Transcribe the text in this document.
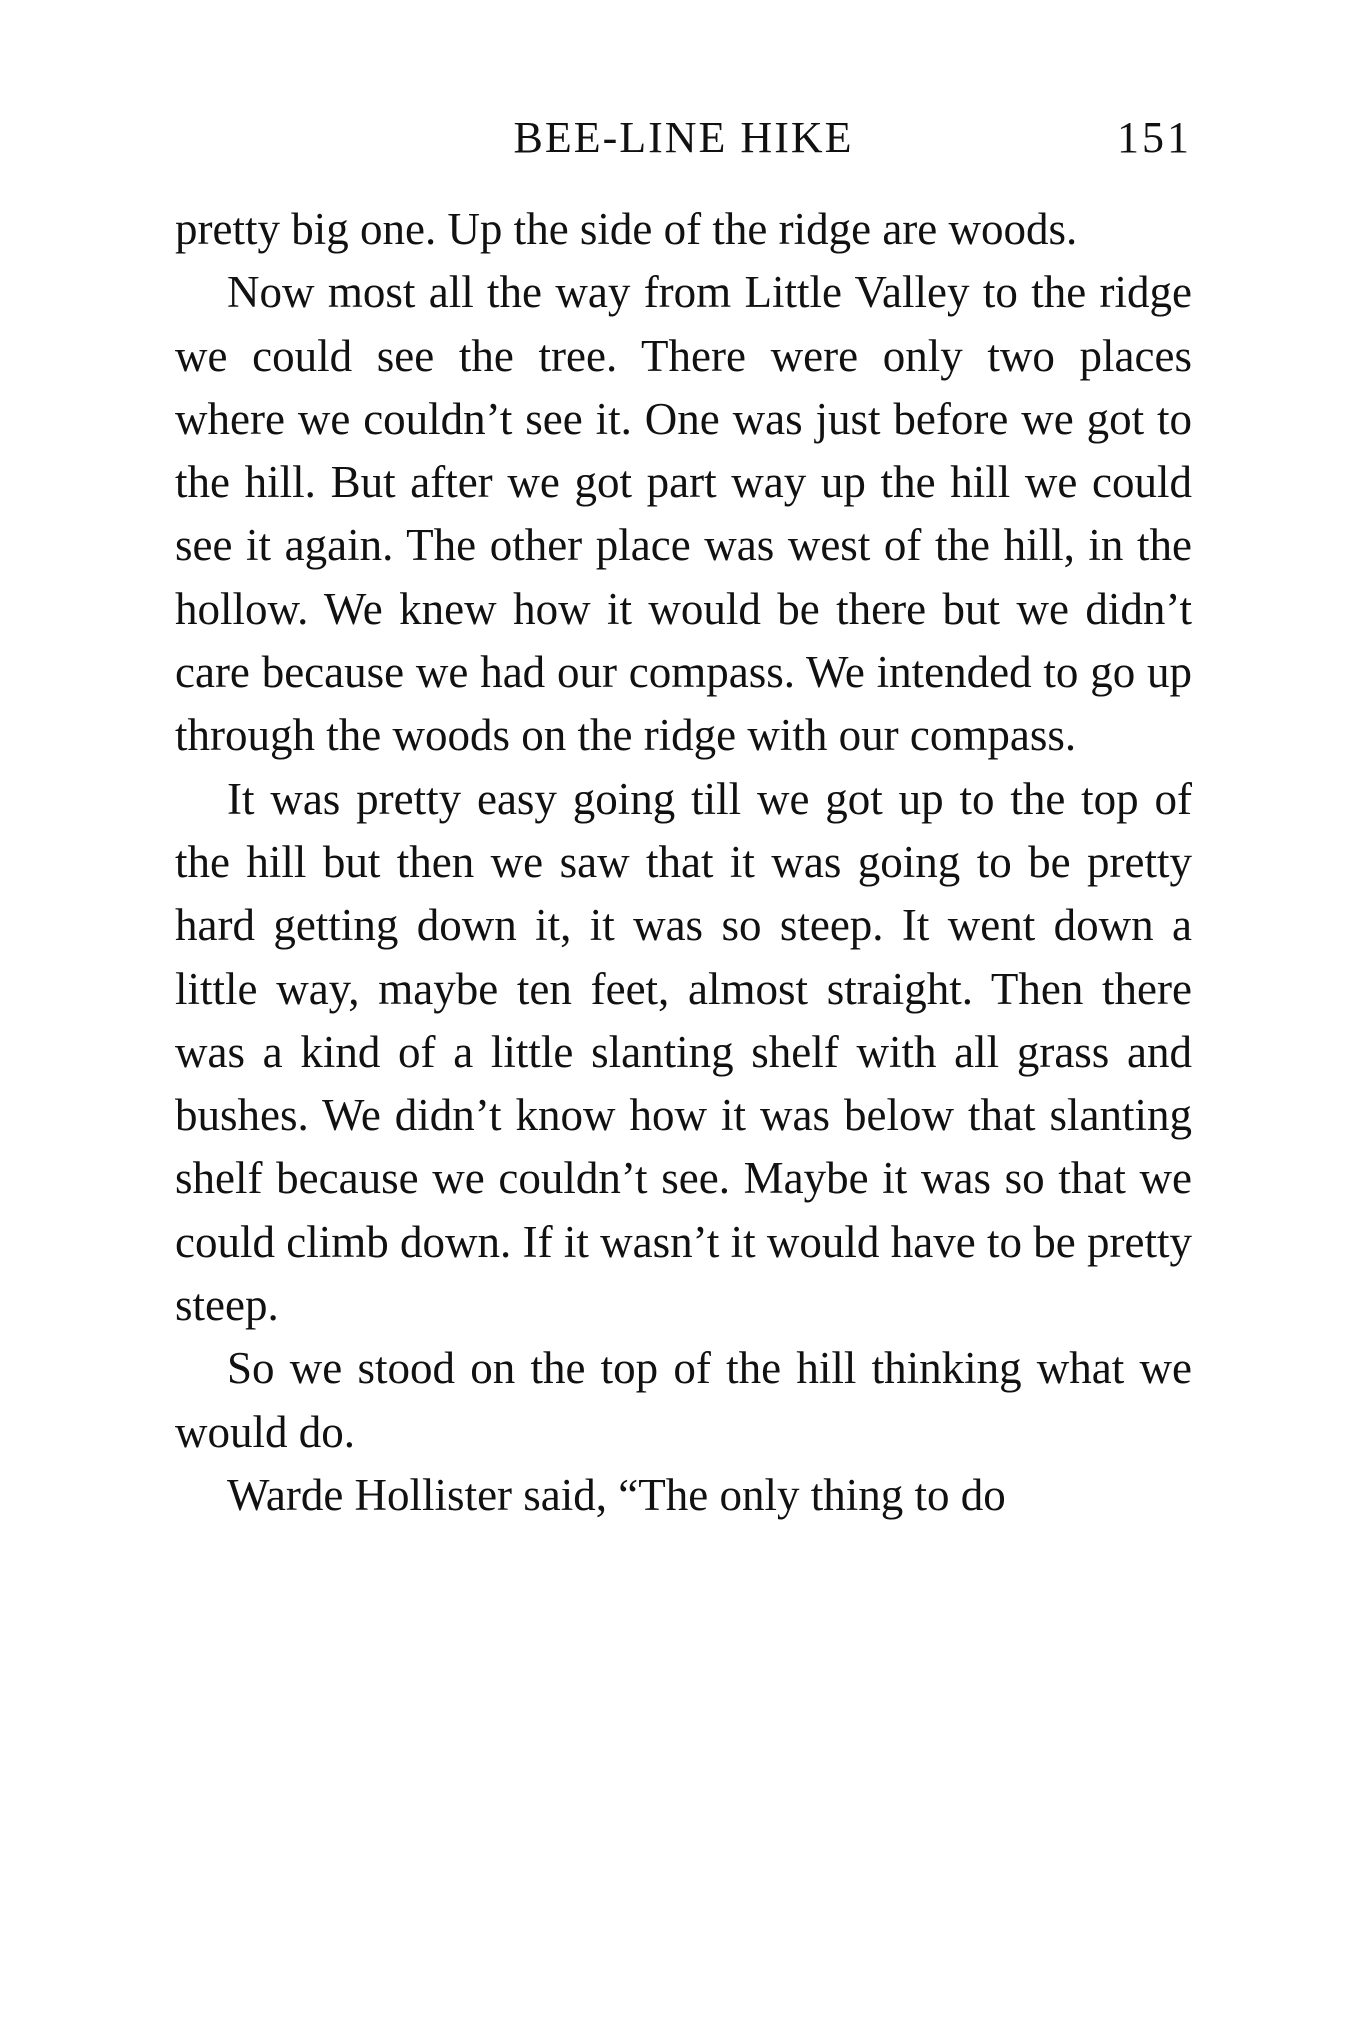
BEE-LINE HIKE	151

pretty big one. Up the side of the ridge are woods.

Now most all the way from Little Valley to the ridge we could see the tree. There were only two places where we couldn’t see it. One was just before we got to the hill. But after we got part way up the hill we could see it again. The other place was west of the hill, in the hollow. We knew how it would be there but we didn’t care because we had our compass. We intended to go up through the woods on the ridge with our compass.

It was pretty easy going till we got up to the top of the hill but then we saw that it was going to be pretty hard getting down it, it was so steep. It went down a little way, maybe ten feet, almost straight. Then there was a kind of a little slanting shelf with all grass and bushes. We didn’t know how it was below that slanting shelf because we couldn’t see. Maybe it was so that we could climb down. If it wasn’t it would have to be pretty steep.

So we stood on the top of the hill thinking what we would do.

Warde Hollister said, “The only thing to do
